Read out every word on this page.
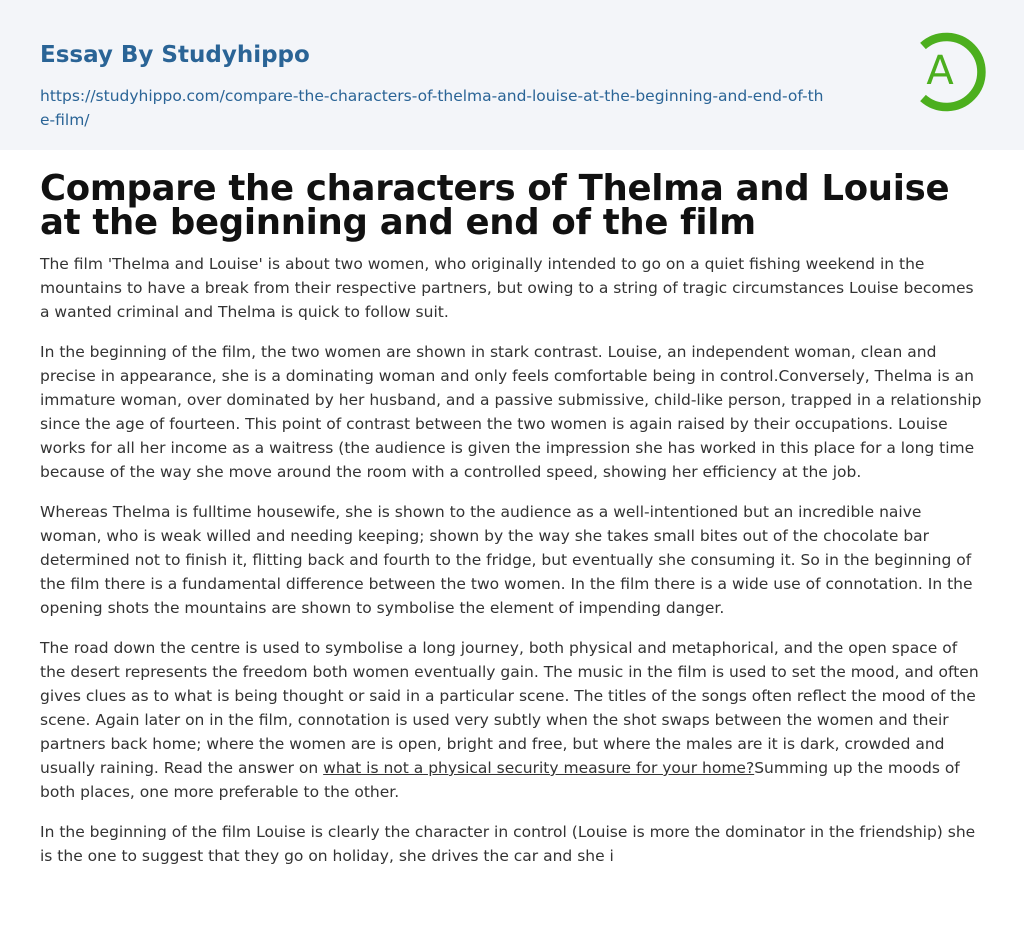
Essay By Studyhippo
https://studyhippo.com/compare-the-characters-of-thelma-and-louise-at-the-beginning-and-end-of-the-film/
A
Compare the characters of Thelma and Louise at the beginning and end of the film

The film 'Thelma and Louise' is about two women, who originally intended to go on a quiet fishing weekend in the mountains to have a break from their respective partners, but owing to a string of tragic circumstances Louise becomes a wanted criminal and Thelma is quick to follow suit.

In the beginning of the film, the two women are shown in stark contrast. Louise, an independent woman, clean and precise in appearance, she is a dominating woman and only feels comfortable being in control.Conversely, Thelma is an immature woman, over dominated by her husband, and a passive submissive, child-like person, trapped in a relationship since the age of fourteen. This point of contrast between the two women is again raised by their occupations. Louise works for all her income as a waitress (the audience is given the impression she has worked in this place for a long time because of the way she move around the room with a controlled speed, showing her efficiency at the job.

Whereas Thelma is fulltime housewife, she is shown to the audience as a well-intentioned but an incredible naive woman, who is weak willed and needing keeping; shown by the way she takes small bites out of the chocolate bar determined not to finish it, flitting back and fourth to the fridge, but eventually she consuming it. So in the beginning of the film there is a fundamental difference between the two women. In the film there is a wide use of connotation. In the opening shots the mountains are shown to symbolise the element of impending danger.

The road down the centre is used to symbolise a long journey, both physical and metaphorical, and the open space of the desert represents the freedom both women eventually gain. The music in the film is used to set the mood, and often gives clues as to what is being thought or said in a particular scene. The titles of the songs often reflect the mood of the scene. Again later on in the film, connotation is used very subtly when the shot swaps between the women and their partners back home; where the women are is open, bright and free, but where the males are it is dark, crowded and usually raining. Read the answer on what is not a physical security measure for your home?Summing up the moods of both places, one more preferable to the other.

In the beginning of the film Louise is clearly the character in control (Louise is more the dominator in the friendship) she is the one to suggest that they go on holiday, she drives the car and she i
